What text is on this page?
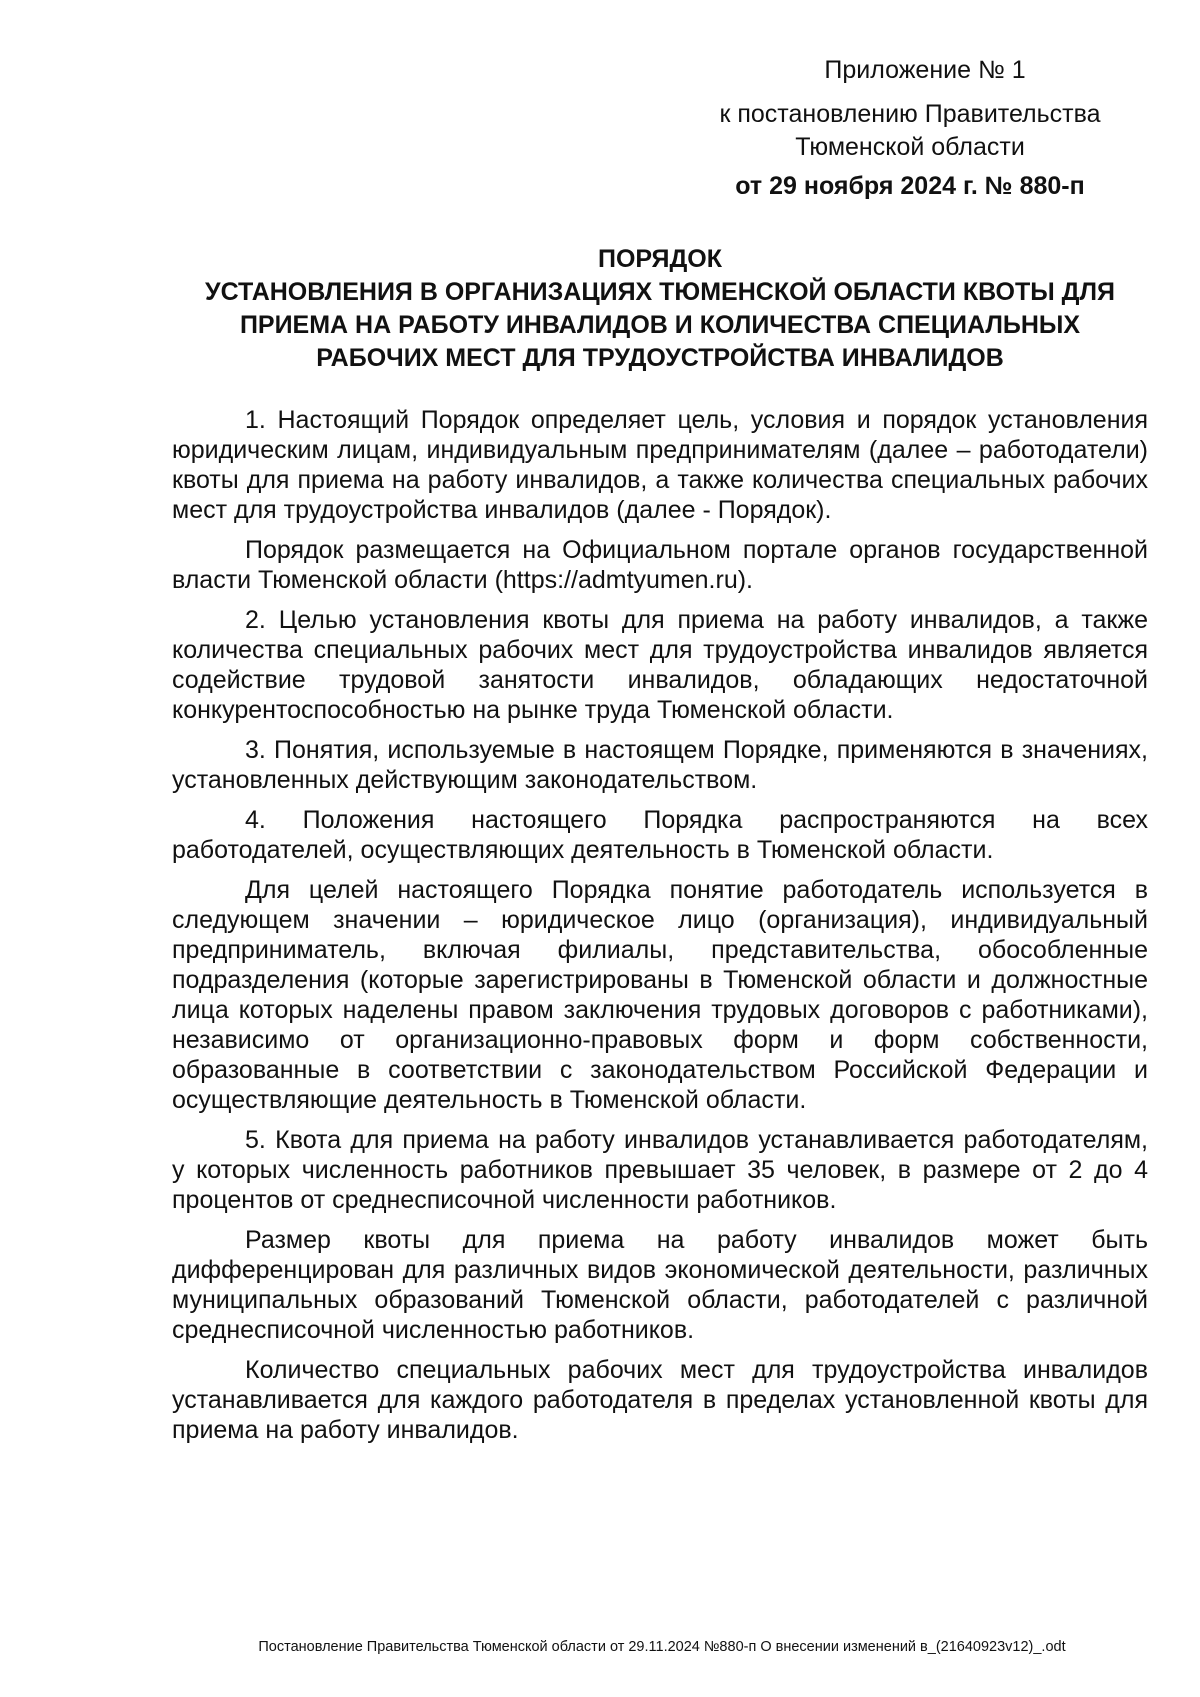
Приложение № 1
к постановлению Правительства
Тюменской области
от 29 ноября 2024 г. № 880-п
ПОРЯДОК
УСТАНОВЛЕНИЯ В ОРГАНИЗАЦИЯХ ТЮМЕНСКОЙ ОБЛАСТИ КВОТЫ ДЛЯ
ПРИЕМА НА РАБОТУ ИНВАЛИДОВ И КОЛИЧЕСТВА СПЕЦИАЛЬНЫХ
РАБОЧИХ МЕСТ ДЛЯ ТРУДОУСТРОЙСТВА ИНВАЛИДОВ

1. Настоящий Порядок определяет цель, условия и порядок установления юридическим лицам, индивидуальным предпринимателям (далее – работодатели) квоты для приема на работу инвалидов, а также количества специальных рабочих мест для трудоустройства инвалидов (далее - Порядок).

Порядок размещается на Официальном портале органов государственной власти Тюменской области (https://admtyumen.ru).

2. Целью установления квоты для приема на работу инвалидов, а также количества специальных рабочих мест для трудоустройства инвалидов является содействие трудовой занятости инвалидов, обладающих недостаточной конкурентоспособностью на рынке труда Тюменской области.

3. Понятия, используемые в настоящем Порядке, применяются в значениях, установленных действующим законодательством.

4. Положения настоящего Порядка распространяются на всех работодателей, осуществляющих деятельность в Тюменской области.

Для целей настоящего Порядка понятие работодатель используется в следующем значении – юридическое лицо (организация), индивидуальный предприниматель, включая филиалы, представительства, обособленные подразделения (которые зарегистрированы в Тюменской области и должностные лица которых наделены правом заключения трудовых договоров с работниками), независимо от организационно-правовых форм и форм собственности, образованные в соответствии с законодательством Российской Федерации и осуществляющие деятельность в Тюменской области.

5. Квота для приема на работу инвалидов устанавливается работодателям, у которых численность работников превышает 35 человек, в размере от 2 до 4 процентов от среднесписочной численности работников.

Размер квоты для приема на работу инвалидов может быть дифференцирован для различных видов экономической деятельности, различных муниципальных образований Тюменской области, работодателей с различной среднесписочной численностью работников.

Количество специальных рабочих мест для трудоустройства инвалидов устанавливается для каждого работодателя в пределах установленной квоты для приема на работу инвалидов.

Постановление Правительства Тюменской области от 29.11.2024 №880-п О внесении изменений в_(21640923v12)_.odt
